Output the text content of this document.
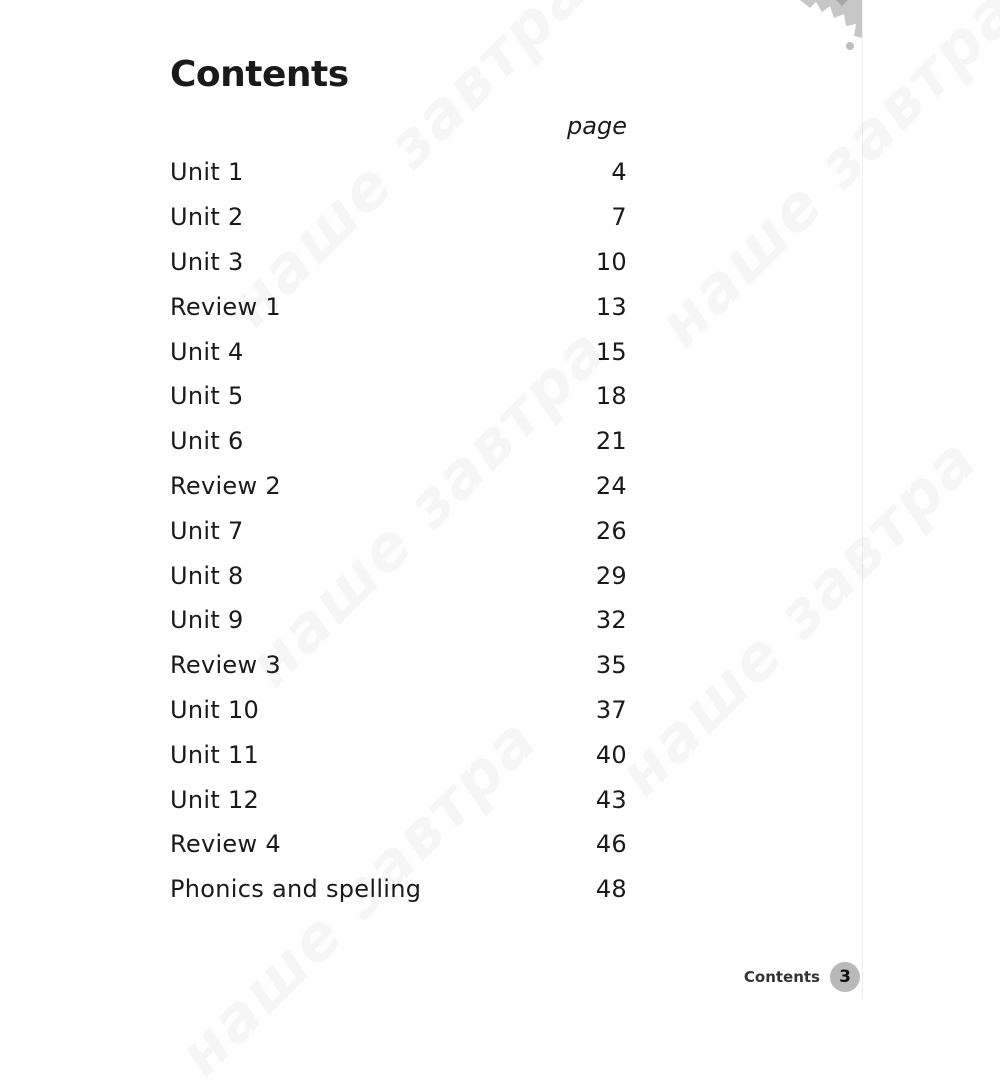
Contents
page
Unit 1	4
Unit 2	7
Unit 3	10
Review 1	13
Unit 4	15
Unit 5	18
Unit 6	21
Review 2	24
Unit 7	26
Unit 8	29
Unit 9	32
Review 3	35
Unit 10	37
Unit 11	40
Unit 12	43
Review 4	46
Phonics and spelling	48
Contents	3
